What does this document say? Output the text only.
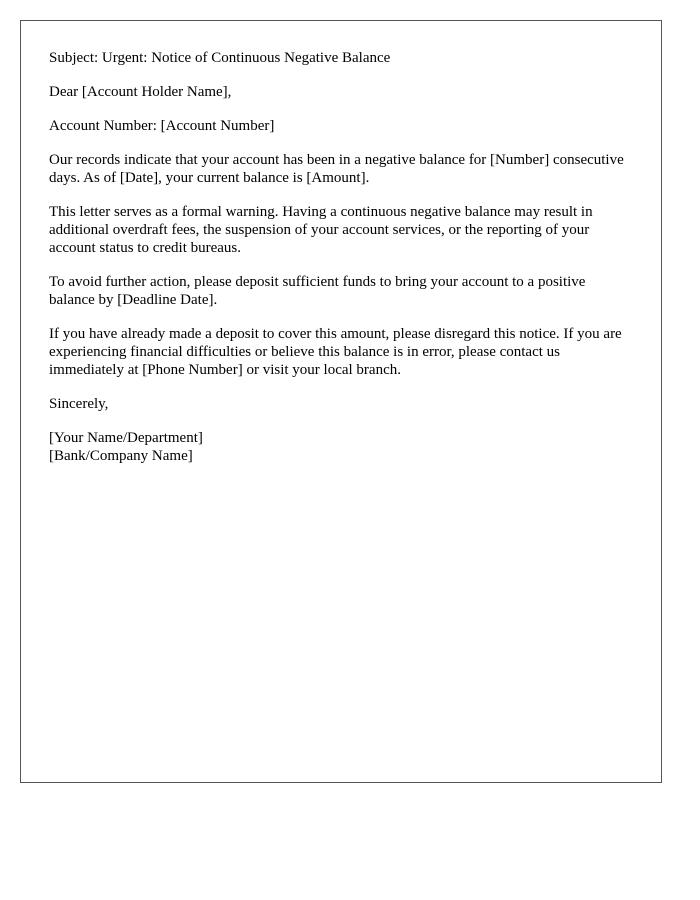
Subject: Urgent: Notice of Continuous Negative Balance

Dear [Account Holder Name],

Account Number: [Account Number]

Our records indicate that your account has been in a negative balance for [Number] consecutive days. As of [Date], your current balance is [Amount].

This letter serves as a formal warning. Having a continuous negative balance may result in additional overdraft fees, the suspension of your account services, or the reporting of your account status to credit bureaus.

To avoid further action, please deposit sufficient funds to bring your account to a positive balance by [Deadline Date].

If you have already made a deposit to cover this amount, please disregard this notice. If you are experiencing financial difficulties or believe this balance is in error, please contact us immediately at [Phone Number] or visit your local branch.

Sincerely,

[Your Name/Department]
[Bank/Company Name]
